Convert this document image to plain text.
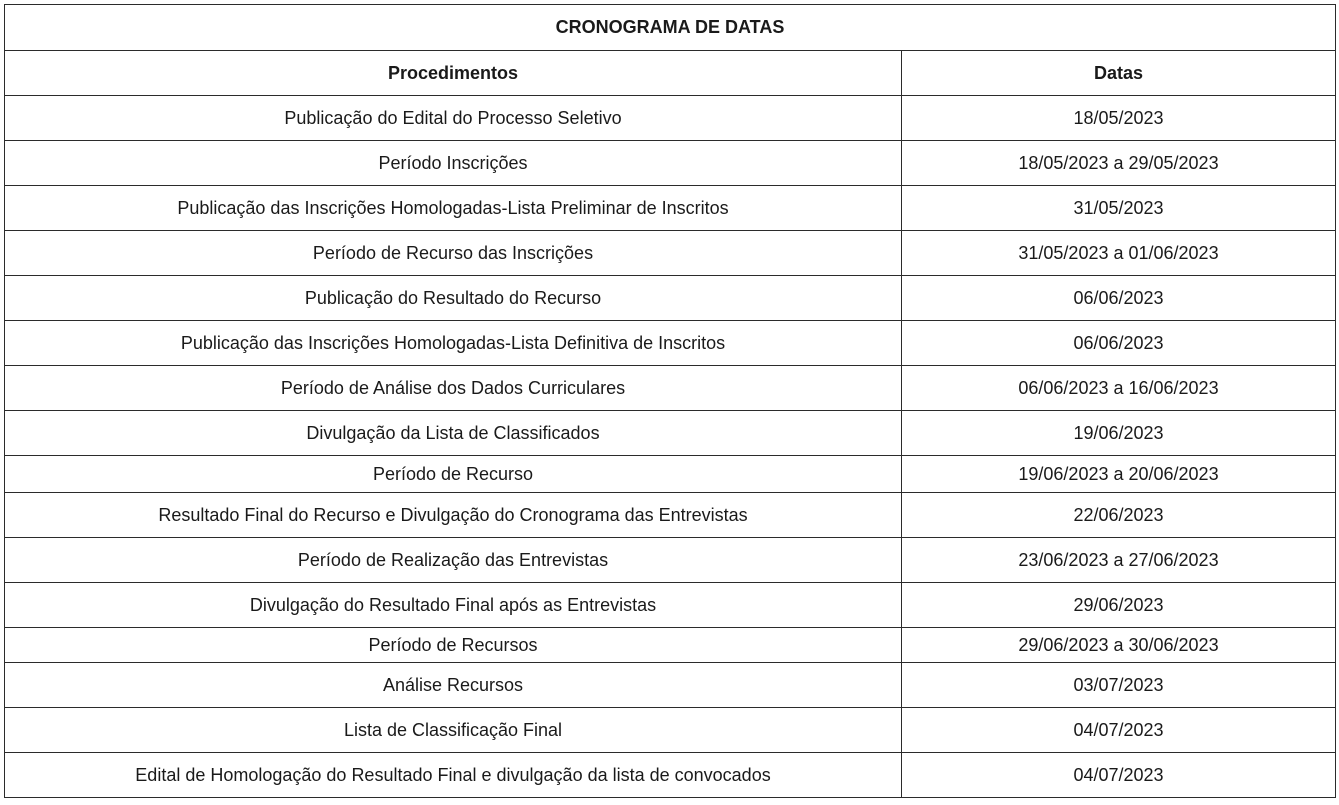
CRONOGRAMA DE DATAS
Procedimentos	Datas
Publicação do Edital do Processo Seletivo	18/05/2023
Período Inscrições	18/05/2023 a 29/05/2023
Publicação das Inscrições Homologadas-Lista Preliminar de Inscritos	31/05/2023
Período de Recurso das Inscrições	31/05/2023 a 01/06/2023
Publicação do Resultado do Recurso	06/06/2023
Publicação das Inscrições Homologadas-Lista Definitiva de Inscritos	06/06/2023
Período de Análise dos Dados Curriculares	06/06/2023 a 16/06/2023
Divulgação da Lista de Classificados	19/06/2023
Período de Recurso	19/06/2023 a 20/06/2023
Resultado Final do Recurso e Divulgação do Cronograma das Entrevistas	22/06/2023
Período de Realização das Entrevistas	23/06/2023 a 27/06/2023
Divulgação do Resultado Final após as Entrevistas	29/06/2023
Período de Recursos	29/06/2023 a 30/06/2023
Análise Recursos	03/07/2023
Lista de Classificação Final	04/07/2023
Edital de Homologação do Resultado Final e divulgação da lista de convocados	04/07/2023
